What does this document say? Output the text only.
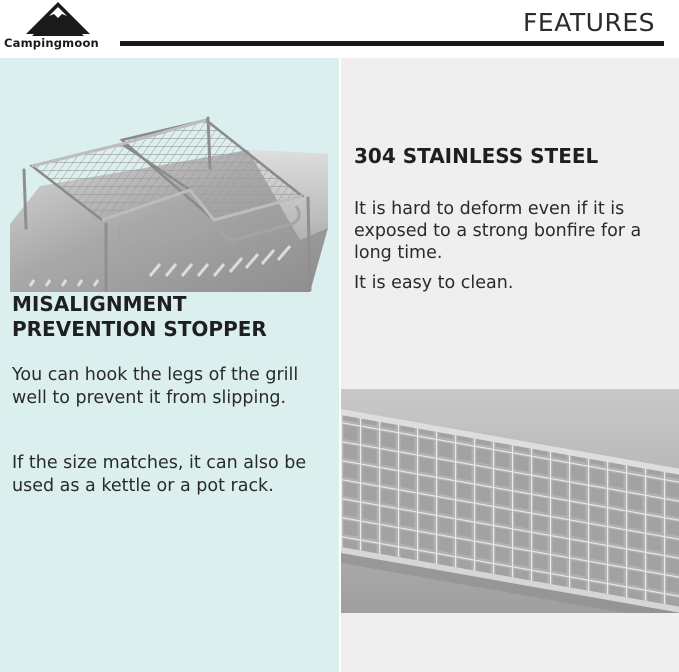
Campingmoon
FEATURES
MISALIGNMENT PREVENTION STOPPER
You can hook the legs of the grill well to prevent it from slipping.
If the size matches, it can also be used as a kettle or a pot rack.
304 STAINLESS STEEL
It is hard to deform even if it is exposed to a strong bonfire for a long time.
It is easy to clean.
